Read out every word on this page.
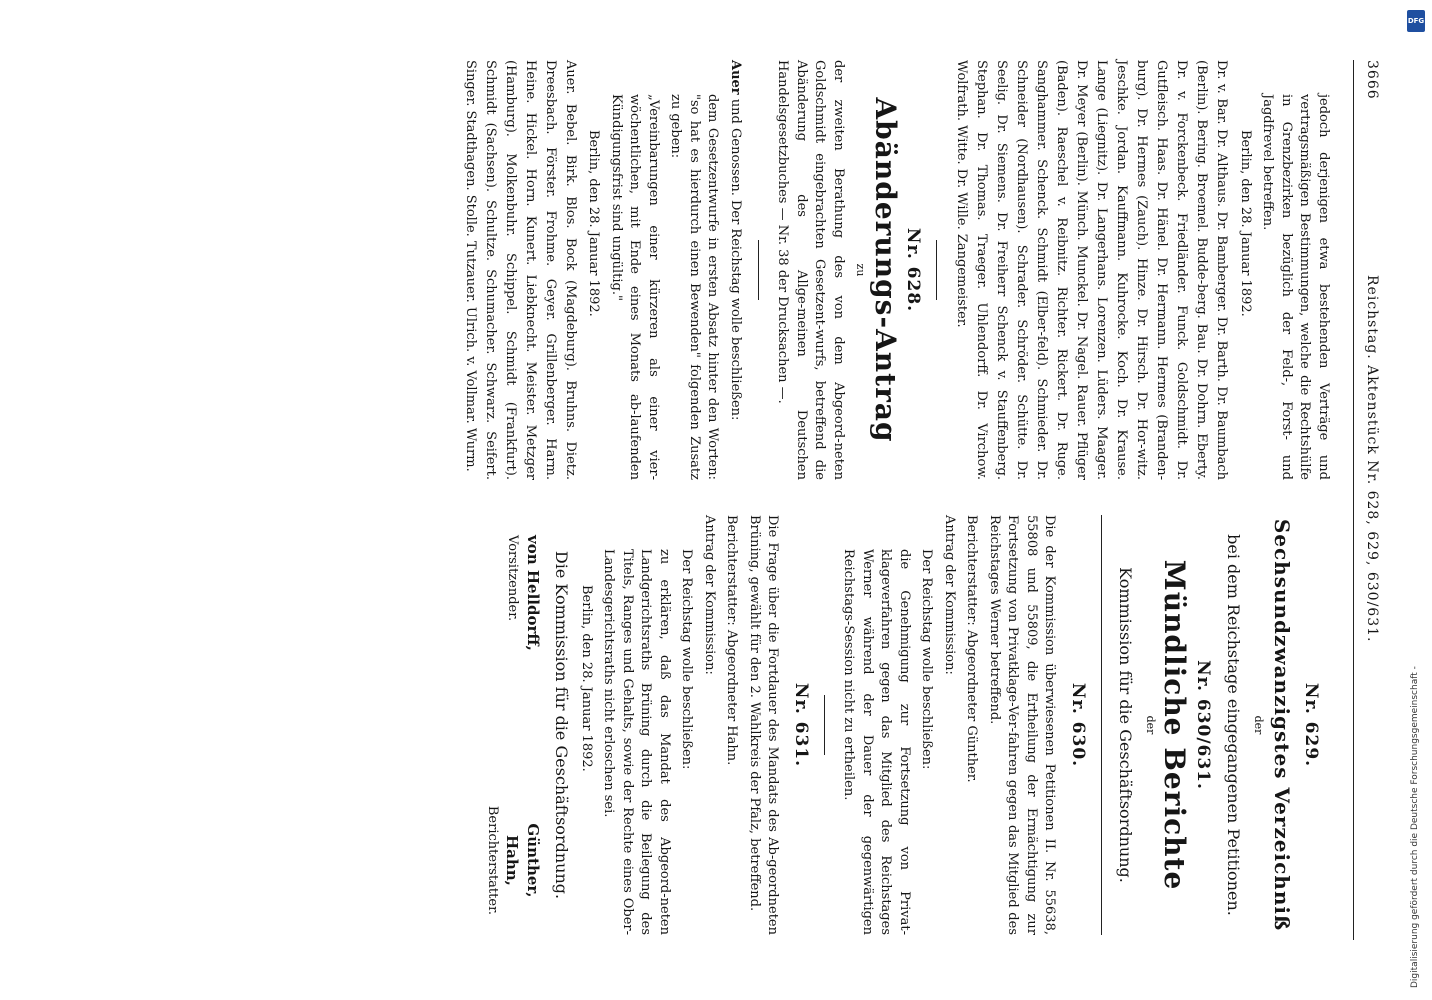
3666
Reichstag. Aktenstück Nr. 628, 629, 630/631.

jedoch derjenigen etwa bestehenden Verträge und vertragsmäßigen Bestimmungen, welche die Rechtshülfe in Grenzbezirken bezüglich der Feld-, Forst- und Jagdfrevel betreffen.

Berlin, den 28. Januar 1892.

Dr. v. Bar. Dr. Althaus. Dr. Bamberger. Dr. Barth. Dr. Baumbach (Berlin). Bering. Broemel. Budde-berg. Bau. Dr. Dohrn. Eberty. Dr. v. Forckenbeck. Friedländer. Funck. Goldschmidt. Dr. Gutfleisch. Haas. Dr. Hänel. Dr. Hermann. Hermes (Branden-burg). Dr. Hermes (Zauch). Hinze. Dr. Hirsch. Dr. Hor-witz. Jeschke. Jordan. Kauffmann. Kuhrocke. Koch. Dr. Krause. Lange (Liegnitz). Dr. Langerhans. Lorenzen. Lüders. Maager. Dr. Meyer (Berlin). Münch. Munckel. Dr. Nagel. Rauer. Pflüger (Baden). Raeschel v. Reibnitz. Richter. Rickert. Dr. Ruge. Sanghammer. Schenck. Schmidt (Elber-feld). Schmieder. Dr. Schneider (Nordhausen). Schrader. Schröder. Schütte. Dr. Seelig. Dr. Siemens. Dr. Freiherr Schenck v. Stauffenberg. Stephan. Dr. Thomas. Traeger. Uhlendorff. Dr. Virchow. Wolfrath. Witte. Dr. Wille. Zangemeister.

Nr. 628.
Abänderungs-Antrag
zu

der zweiten Berathung des von dem Abgeord-neten Goldschmidt eingebrachten Gesetzent-wurfs, betreffend die Abänderung des Allge-meinen Deutschen Handelsgesetzbuches — Nr. 38 der Drucksachen —.

Auer und Genossen. Der Reichstag wolle beschließen:

dem Gesetzentwurfe in ersten Absatz hinter den Worten: "so hat es hierdurch einen Bewenden" folgenden Zusatz zu geben:

„Vereinbarungen einer kürzeren als einer vier-wöchentlichen, mit Ende eines Monats ab-laufenden Kündigungsfrist sind ungültig."

Berlin, den 28. Januar 1892.

Auer. Bebel. Birk. Blos. Bock (Magdeburg). Bruhns. Dietz. Dreesbach. Förster. Frohme. Geyer. Grillenberger. Harm. Heine. Hickel. Horn. Kunert. Liebknecht. Meister. Metzger (Hamburg). Molkenbuhr. Schippel. Schmidt (Frankfurt). Schmidt (Sachsen). Schultze. Schumacher. Schwarz. Seifert. Singer. Stadthagen. Stolle. Tutzauer. Ulrich. v. Vollmar. Wurm.

Nr. 629.
Sechsundzwanzigstes Verzeichniß
der
bei dem Reichstage eingegangenen Petitionen.
Nr. 630/631.
Mündliche Berichte
der
Kommission für die Geschäftsordnung.
Nr. 630.

Die der Kommission überwiesenen Petitionen II. Nr. 55638, 55808 und 55809, die Ertheilung der Ermächtigung zur Fortsetzung von Privatklage-Ver-fahren gegen das Mitglied des Reichstages Werner betreffend.

Berichterstatter: Abgeordneter Günther.

Antrag der Kommission:

Der Reichstag wolle beschließen:

die Genehmigung zur Fortsetzung von Privat-klageverfahren gegen das Mitglied des Reichstages Werner während der Dauer der gegenwärtigen Reichstags-Session nicht zu ertheilen.

Nr. 631.

Die Frage über die Fortdauer des Mandats des Ab-geordneten Brüning, gewählt für den 2. Wahlkreis der Pfalz, betreffend.

Berichterstatter: Abgeordneter Hahn.

Antrag der Kommission:

Der Reichstag wolle beschließen:

zu erklären, daß das Mandat des Abgeord-neten Landgerichtsraths Brüning durch die Beilegung des Titels, Ranges und Gehalts, sowie der Rechte eines Ober-Landesgerichtsraths nicht erloschen sei.

Berlin, den 28. Januar 1892.

Die Kommission für die Geschäftsordnung.
von Helldorff,
Vorsitzender.
Günther,
Hahn,
Berichterstatter.
DFG
Digitalisierung gefördert durch die Deutsche Forschungsgemeinschaft -
